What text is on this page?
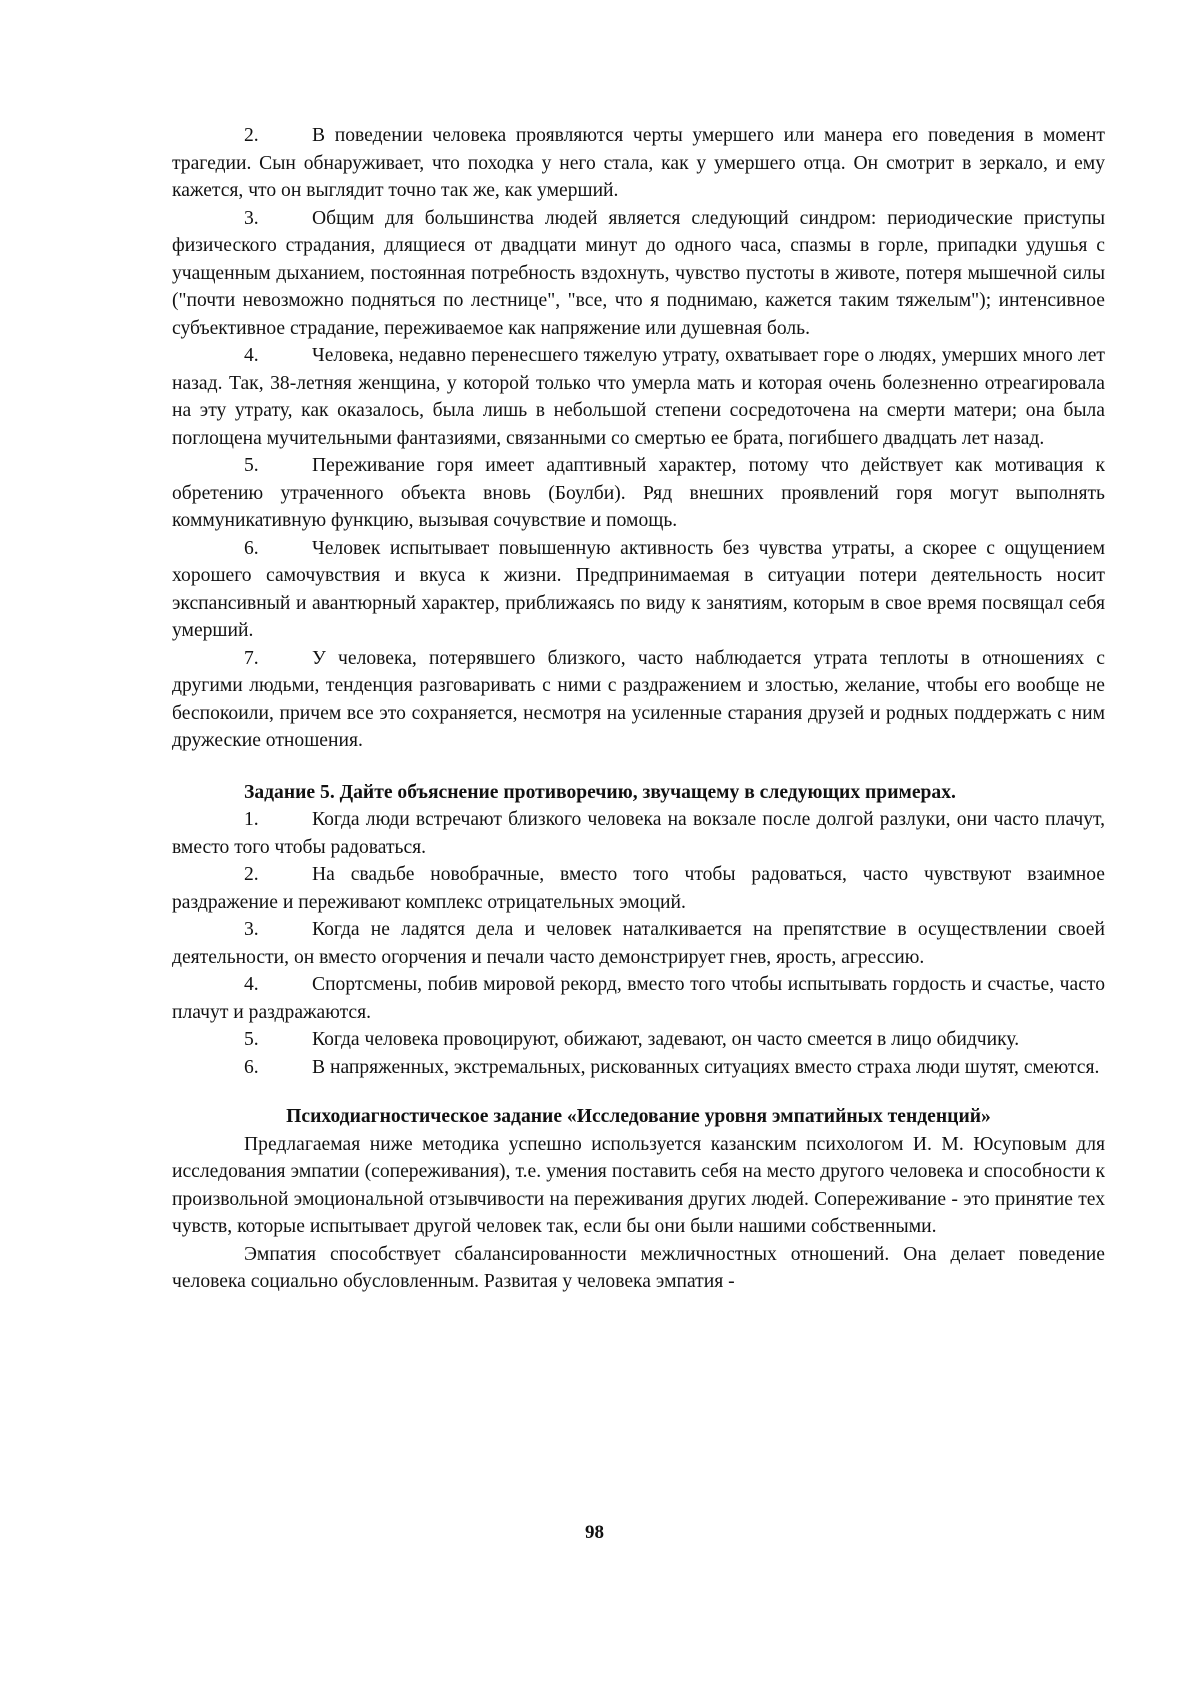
2.	В поведении человека проявляются черты умершего или манера его поведения в момент трагедии. Сын обнаруживает, что походка у него стала, как у умершего отца. Он смотрит в зеркало, и ему кажется, что он выглядит точно так же, как умерший.

3.	Общим для большинства людей является следующий синдром: периодические приступы физического страдания, длящиеся от двадцати минут до одного часа, спазмы в горле, припадки удушья с учащенным дыханием, постоянная потребность вздохнуть, чувство пустоты в животе, потеря мышечной силы ("почти невозможно подняться по лестнице", "все, что я поднимаю, кажется таким тяжелым"); интенсивное субъективное страдание, переживаемое как напряжение или душевная боль.

4.	Человека, недавно перенесшего тяжелую утрату, охватывает горе о людях, умерших много лет назад. Так, 38-летняя женщина, у которой только что умерла мать и которая очень болезненно отреагировала на эту утрату, как оказалось, была лишь в небольшой степени сосредоточена на смерти матери; она была поглощена мучительными фантазиями, связанными со смертью ее брата, погибшего двадцать лет назад.

5.	Переживание горя имеет адаптивный характер, потому что действует как мотивация к обретению утраченного объекта вновь (Боулби). Ряд внешних проявлений горя могут выполнять коммуникативную функцию, вызывая сочувствие и помощь.

6.	Человек испытывает повышенную активность без чувства утраты, а скорее с ощущением хорошего самочувствия и вкуса к жизни. Предпринимаемая в ситуации потери деятельность носит экспансивный и авантюрный характер, приближаясь по виду к занятиям, которым в свое время посвящал себя умерший.

7.	У человека, потерявшего близкого, часто наблюдается утрата теплоты в отношениях с другими людьми, тенденция разговаривать с ними с раздражением и злостью, желание, чтобы его вообще не беспокоили, причем все это сохраняется, несмотря на усиленные старания друзей и родных поддержать с ним дружеские отношения.

Задание 5. Дайте объяснение противоречию, звучащему в следующих примерах.

1.	Когда люди встречают близкого человека на вокзале после долгой разлуки, они часто плачут, вместо того чтобы радоваться.

2.	На свадьбе новобрачные, вместо того чтобы радоваться, часто чувствуют взаимное раздражение и переживают комплекс отрицательных эмоций.

3.	Когда не ладятся дела и человек наталкивается на препятствие в осуществлении своей деятельности, он вместо огорчения и печали часто демонстрирует гнев, ярость, агрессию.

4.	Спортсмены, побив мировой рекорд, вместо того чтобы испытывать гордость и счастье, часто плачут и раздражаются.

5.	Когда человека провоцируют, обижают, задевают, он часто смеется в лицо обидчику.

6.	В напряженных, экстремальных, рискованных ситуациях вместо страха люди шутят, смеются.

Психодиагностическое задание «Исследование уровня эмпатийных тенденций»

Предлагаемая ниже методика успешно используется казанским психологом И. М. Юсуповым для исследования эмпатии (сопереживания), т.е. умения поставить себя на место другого человека и способности к произвольной эмоциональной отзывчивости на переживания других людей. Сопереживание - это принятие тех чувств, которые испытывает другой человек так, если бы они были нашими собственными.

Эмпатия способствует сбалансированности межличностных отношений. Она делает поведение человека социально обусловленным. Развитая у человека эмпатия -

98
